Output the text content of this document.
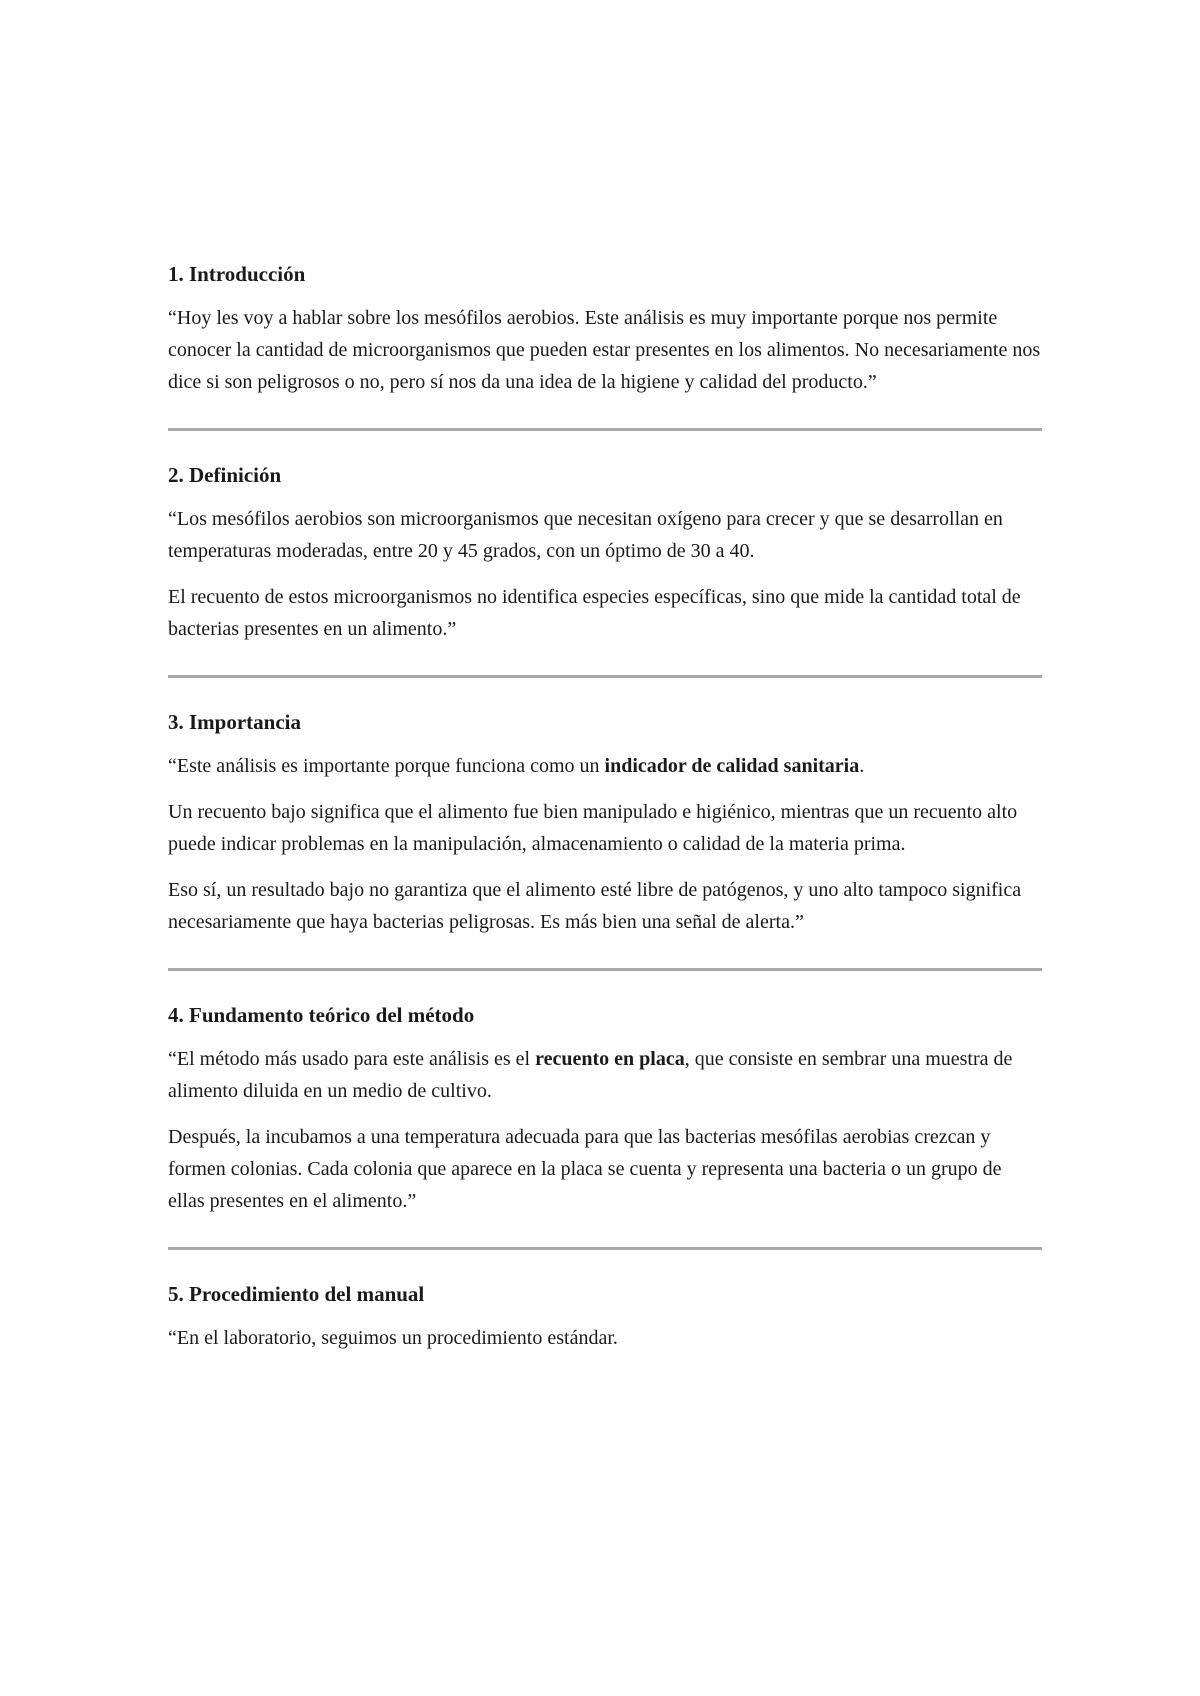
1. Introducción

“Hoy les voy a hablar sobre los mesófilos aerobios. Este análisis es muy importante porque nos permite conocer la cantidad de microorganismos que pueden estar presentes en los alimentos. No necesariamente nos dice si son peligrosos o no, pero sí nos da una idea de la higiene y calidad del producto.”

2. Definición

“Los mesófilos aerobios son microorganismos que necesitan oxígeno para crecer y que se desarrollan en temperaturas moderadas, entre 20 y 45 grados, con un óptimo de 30 a 40.

El recuento de estos microorganismos no identifica especies específicas, sino que mide la cantidad total de bacterias presentes en un alimento.”

3. Importancia

“Este análisis es importante porque funciona como un indicador de calidad sanitaria.

Un recuento bajo significa que el alimento fue bien manipulado e higiénico, mientras que un recuento alto puede indicar problemas en la manipulación, almacenamiento o calidad de la materia prima.

Eso sí, un resultado bajo no garantiza que el alimento esté libre de patógenos, y uno alto tampoco significa necesariamente que haya bacterias peligrosas. Es más bien una señal de alerta.”

4. Fundamento teórico del método

“El método más usado para este análisis es el recuento en placa, que consiste en sembrar una muestra de alimento diluida en un medio de cultivo.

Después, la incubamos a una temperatura adecuada para que las bacterias mesófilas aerobias crezcan y formen colonias. Cada colonia que aparece en la placa se cuenta y representa una bacteria o un grupo de ellas presentes en el alimento.”

5. Procedimiento del manual

“En el laboratorio, seguimos un procedimiento estándar.
